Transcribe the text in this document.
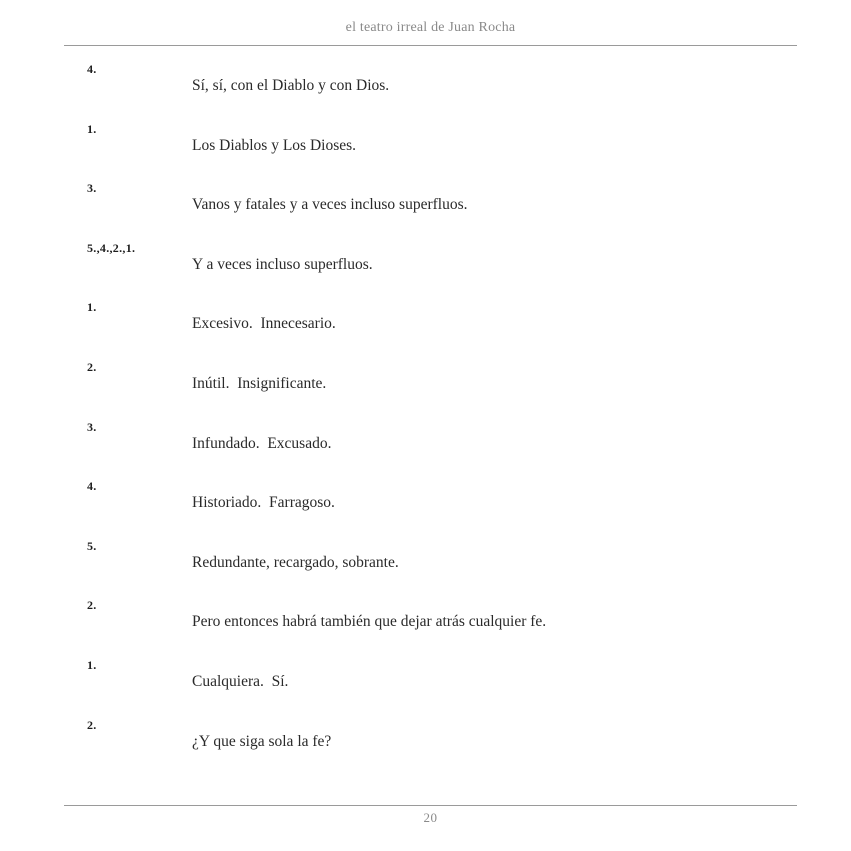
el teatro irreal de Juan Rocha
4.
Sí, sí, con el Diablo y con Dios.
1.
Los Diablos y Los Dioses.
3.
Vanos y fatales y a veces incluso superfluos.
5.,4.,2.,1.
Y a veces incluso superfluos.
1.
Excesivo.  Innecesario.
2.
Inútil.  Insignificante.
3.
Infundado.  Excusado.
4.
Historiado.  Farragoso.
5.
Redundante, recargado, sobrante.
2.
Pero entonces habrá también que dejar atrás cualquier fe.
1.
Cualquiera.  Sí.
2.
¿Y que siga sola la fe?
20
